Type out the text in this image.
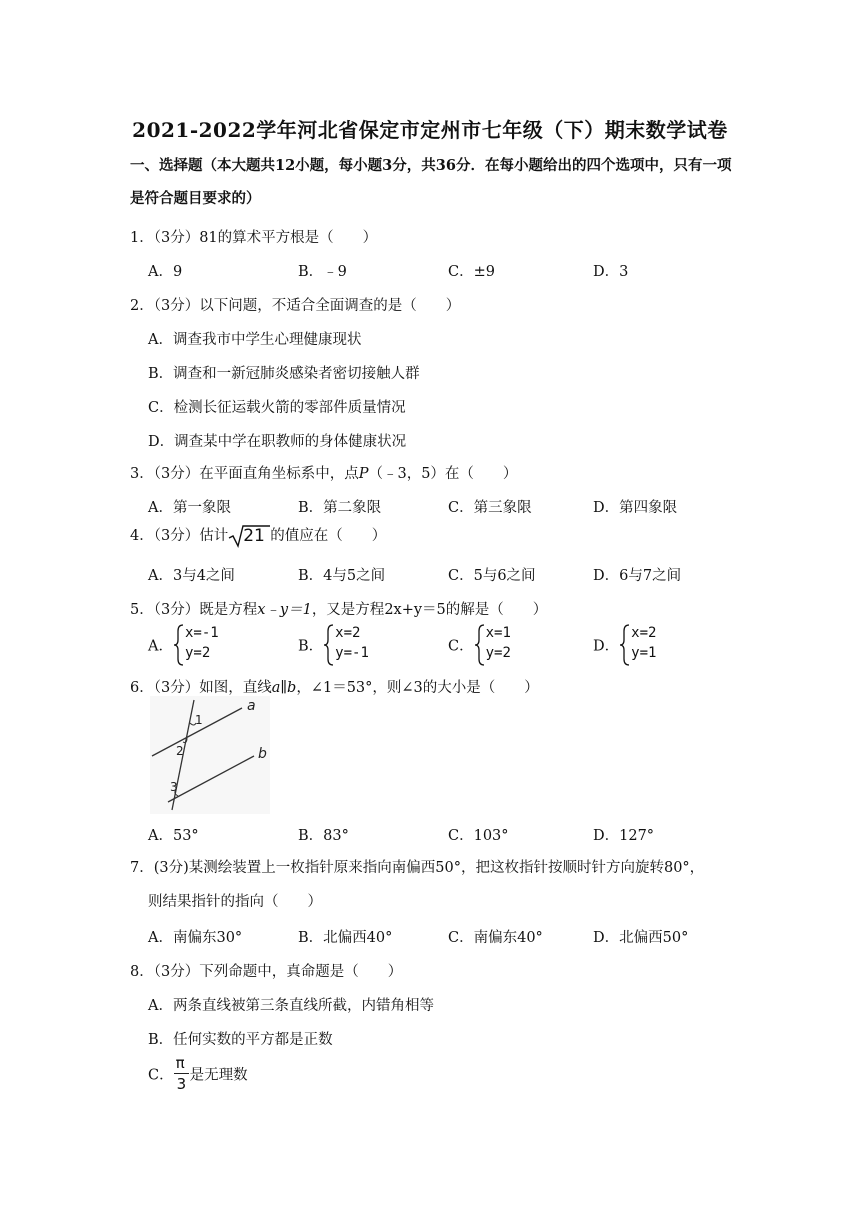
2021-2022学年河北省保定市定州市七年级（下）期末数学试卷
一、选择题（本大题共12小题，每小题3分，共36分．在每小题给出的四个选项中，只有一项是符合题目要求的）
1．（3分）81的算术平方根是（　　）
A．9	B．﹣9	C．±9	D．3
2．（3分）以下问题，不适合全面调查的是（　　）
A．调查我市中学生心理健康现状
B．调查和一新冠肺炎感染者密切接触人群
C．检测长征运载火箭的零部件质量情况
D．调查某中学在职教师的身体健康状况
3．（3分）在平面直角坐标系中，点P（﹣3，5）在（　　）
A．第一象限	B．第二象限	C．第三象限	D．第四象限
4．（3分）估计 21 的值应在（　　）
A．3与4之间	B．4与5之间	C．5与6之间	D．6与7之间
5．（3分）既是方程x﹣y＝1，又是方程2x+y＝5的解是（　　）
A．
x=-1
y=2	B．
x=2
y=-1	C．
x=1
y=2	D．
x=2
y=1
6．（3分）如图，直线a∥b，∠1＝53°，则∠3的大小是（　　）
a
b
1
2
3
A．53°	B．83°	C．103°	D．127°
7．(3分)某测绘装置上一枚指针原来指向南偏西50°，把这枚指针按顺时针方向旋转80°，
则结果指针的指向（　　）
A．南偏东30°	B．北偏西40°	C．南偏东40°	D．北偏西50°
8．（3分）下列命题中，真命题是（　　）
A．两条直线被第三条直线所截，内错角相等
B．任何实数的平方都是正数
C． $\frac{\pi}{3}$ 是无理数
